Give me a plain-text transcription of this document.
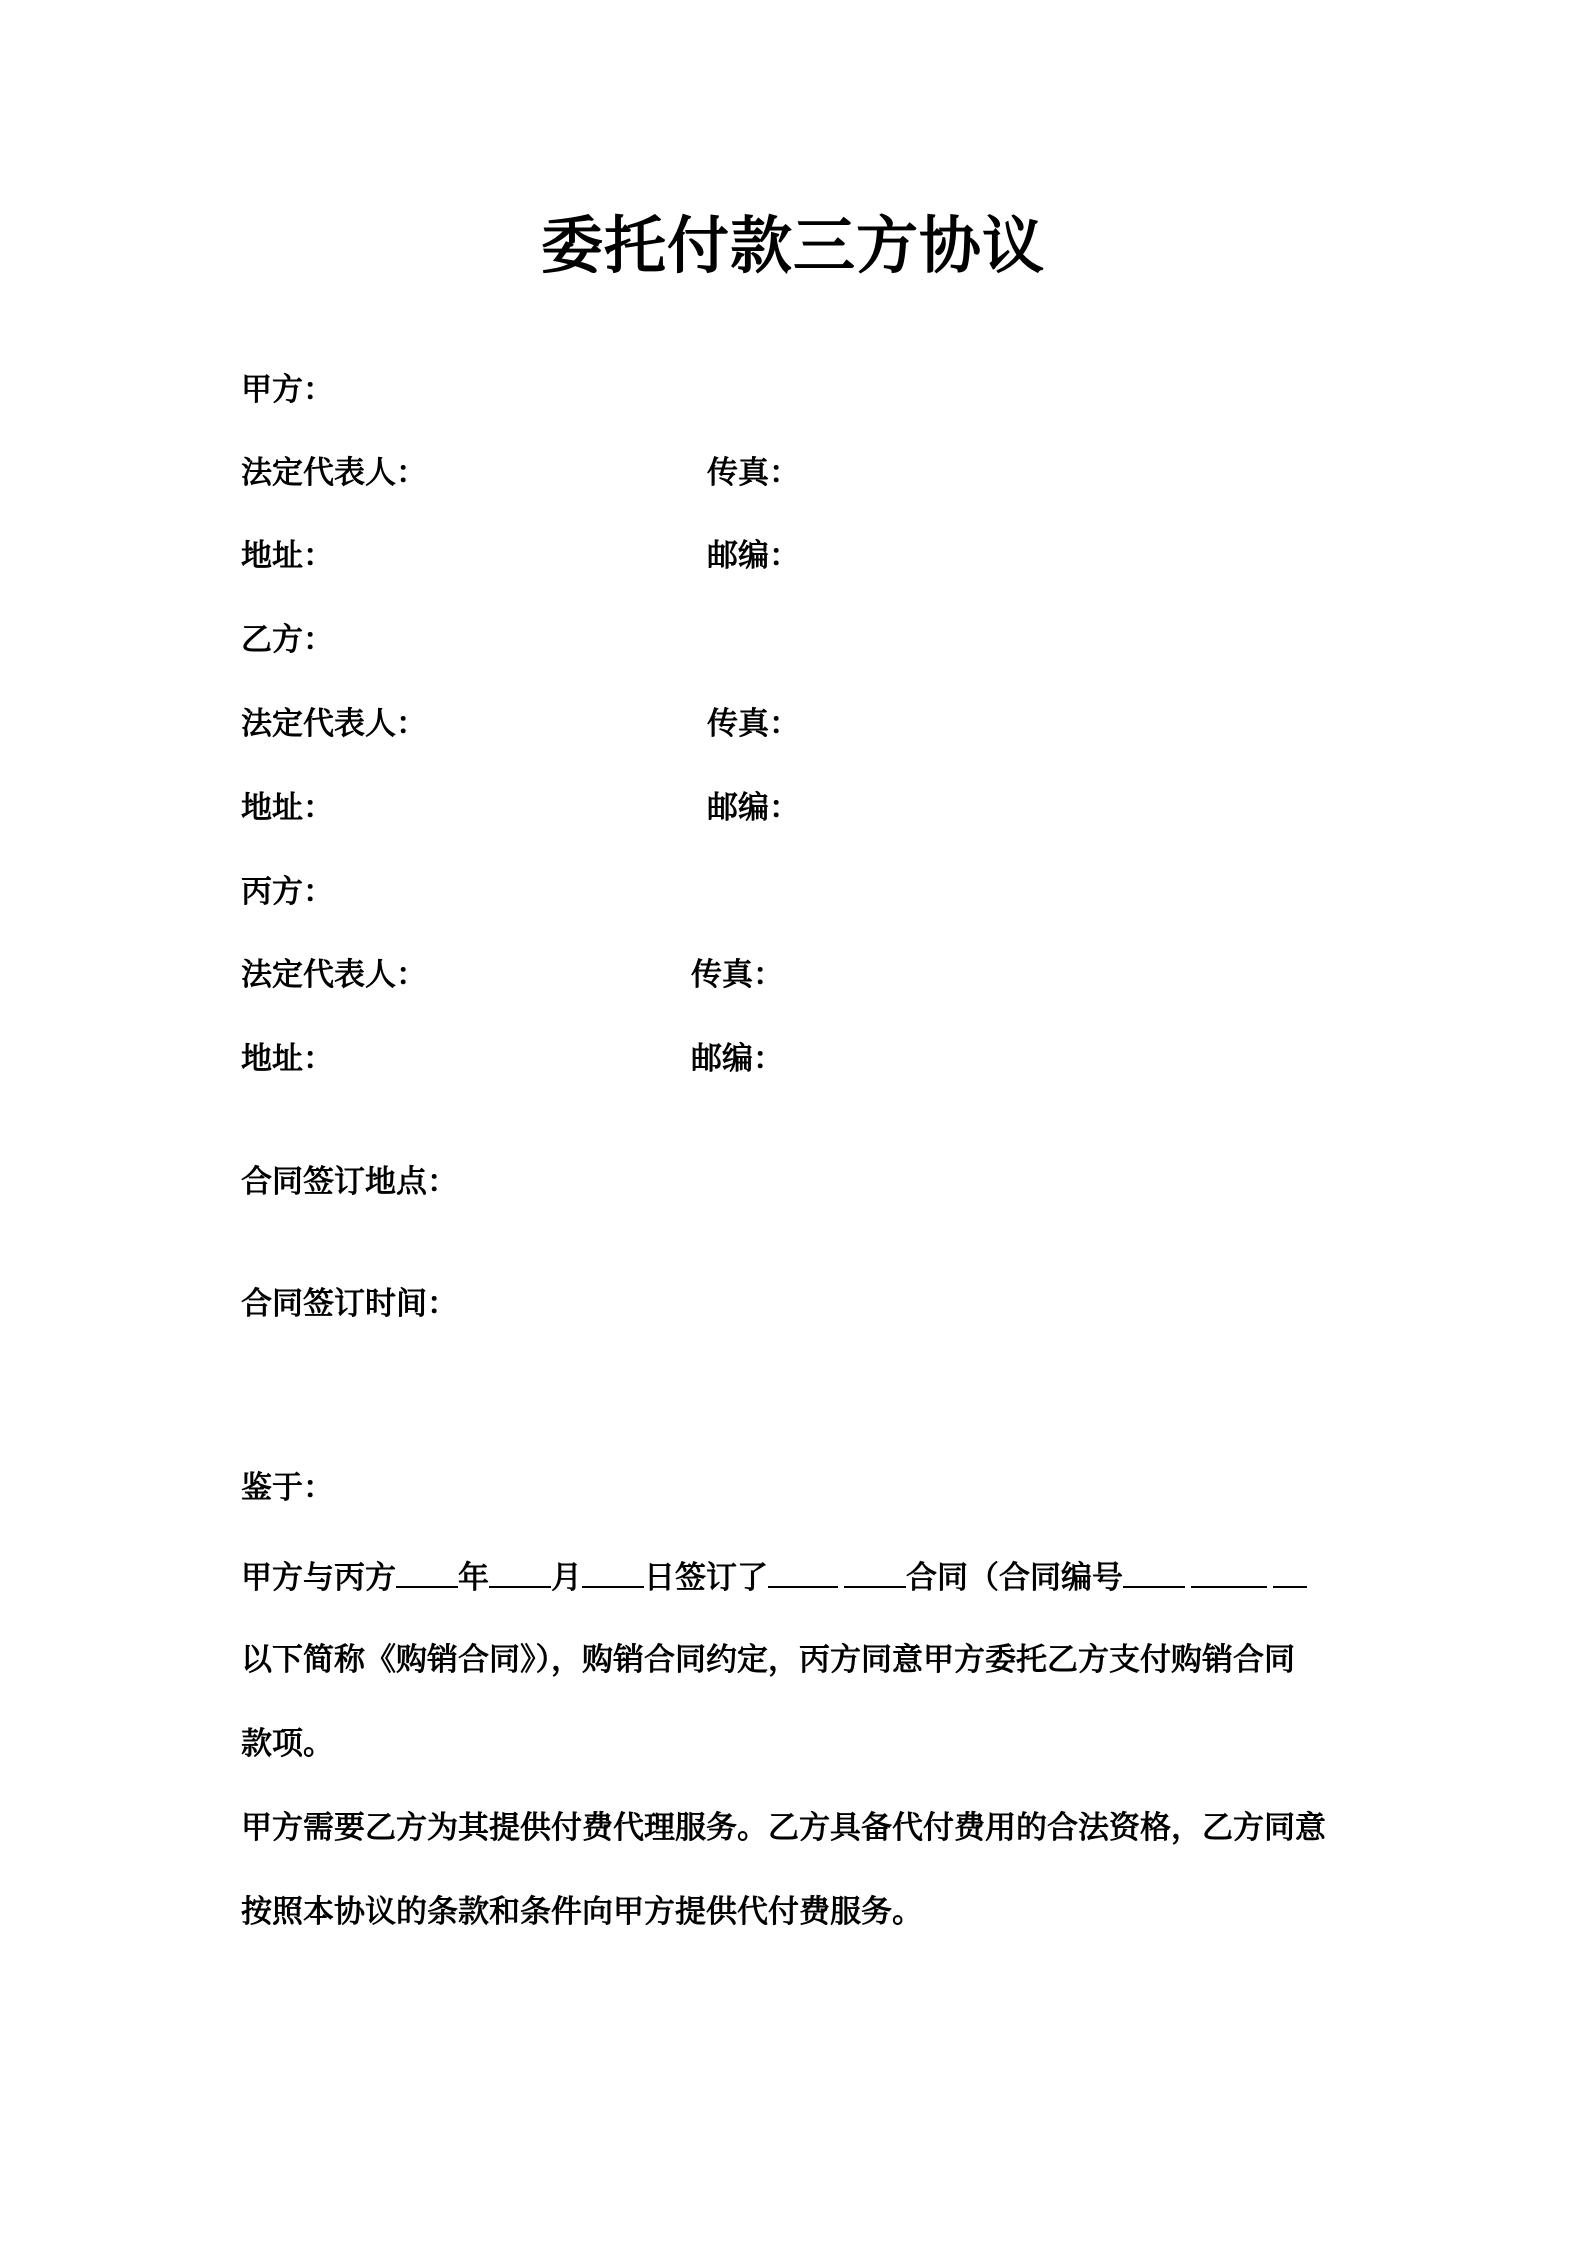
委托付款三方协议
甲方：
法定代表人：	传真：
地址：	邮编：
乙方：
法定代表人：	传真：
地址：	邮编：
丙方：
法定代表人：	传真：
地址：	邮编：
合同签订地点：
合同签订时间：
鉴于：
甲方与丙方 年 月 日签订了	合同（合同编号
以下简称《购销合同》），购销合同约定，丙方同意甲方委托乙方支付购销合同
款项。
甲方需要乙方为其提供付费代理服务。乙方具备代付费用的合法资格，乙方同意
按照本协议的条款和条件向甲方提供代付费服务。
